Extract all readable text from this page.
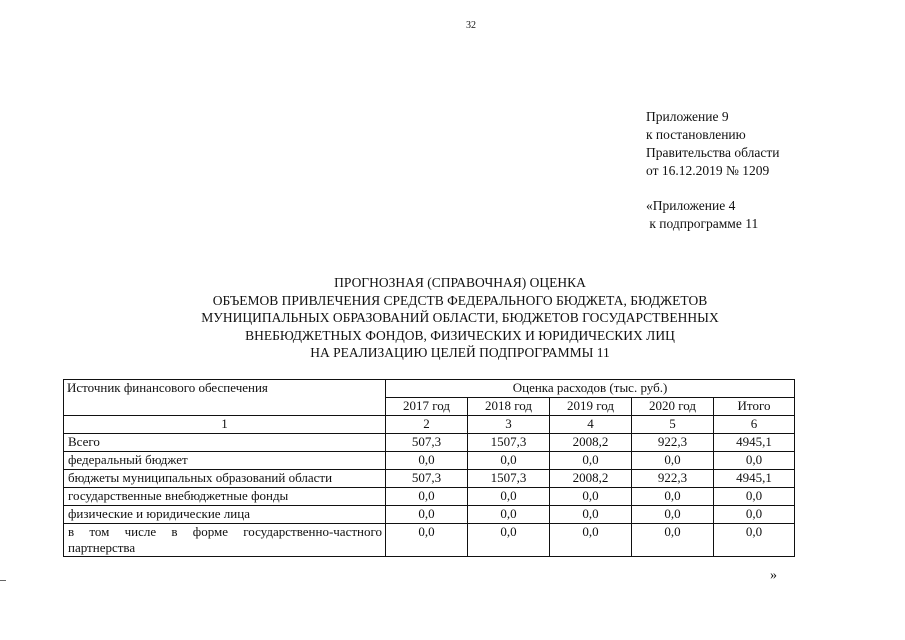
32
Приложение 9
к постановлению
Правительства области
от 16.12.2019 № 1209
«Приложение 4
к подпрограмме 11
ПРОГНОЗНАЯ (СПРАВОЧНАЯ) ОЦЕНКА
ОБЪЕМОВ ПРИВЛЕЧЕНИЯ СРЕДСТВ ФЕДЕРАЛЬНОГО БЮДЖЕТА, БЮДЖЕТОВ
МУНИЦИПАЛЬНЫХ ОБРАЗОВАНИЙ ОБЛАСТИ, БЮДЖЕТОВ ГОСУДАРСТВЕННЫХ
ВНЕБЮДЖЕТНЫХ ФОНДОВ, ФИЗИЧЕСКИХ И ЮРИДИЧЕСКИХ ЛИЦ
НА РЕАЛИЗАЦИЮ ЦЕЛЕЙ ПОДПРОГРАММЫ 11
Источник финансового обеспечения	Оценка расходов (тыс. руб.)				
	2017 год	2018 год	2019 год	2020 год	Итого
1	2	3	4	5	6
Всего	507,3	1507,3	2008,2	922,3	4945,1
федеральный бюджет	0,0	0,0	0,0	0,0	0,0
бюджеты муниципальных образований области	507,3	1507,3	2008,2	922,3	4945,1
государственные внебюджетные фонды	0,0	0,0	0,0	0,0	0,0
физические и юридические лица	0,0	0,0	0,0	0,0	0,0
в том числе в форме государственно-частного партнерства	0,0	0,0	0,0	0,0	0,0
»
